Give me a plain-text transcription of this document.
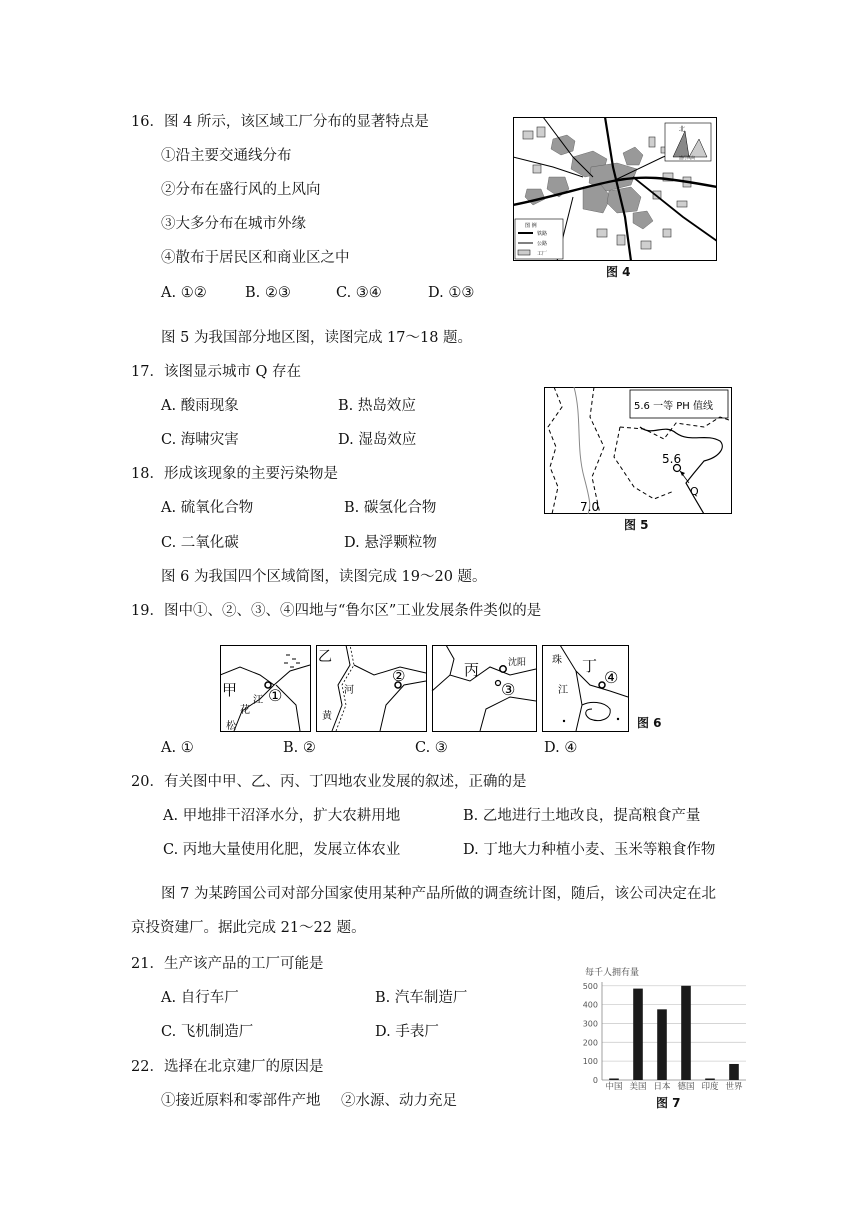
16．图 4 所示，该区域工厂分布的显著特点是
①沿主要交通线分布
②分布在盛行风的上风向
③大多分布在城市外缘
④散布于居民区和商业区之中
A. ①②	B. ②③	C. ③④	D. ①③
北
盛行风向
图 例
铁路
公路
工厂
图 4
图 5 为我国部分地区图，读图完成 17～18 题。
17．该图显示城市 Q 存在
A. 酸雨现象	B. 热岛效应
C. 海啸灾害	D. 湿岛效应
5.6 一等 PH 值线
5.6
Q
7.0
图 5
18．形成该现象的主要污染物是
A. 硫氧化合物	B. 碳氢化合物
C. 二氧化碳	D. 悬浮颗粒物
图 6 为我国四个区域简图，读图完成 19～20 题。
19．图中①、②、③、④四地与“鲁尔区”工业发展条件类似的是
甲 ①
江
花
松
乙
②
河
黄
丙	沈阳
③
珠
江
丁
④
图 6
A. ①	B. ②	C. ③	D. ④
20．有关图中甲、乙、丙、丁四地农业发展的叙述，正确的是
A. 甲地排干沼泽水分，扩大农耕用地	B. 乙地进行土地改良，提高粮食产量
C. 丙地大量使用化肥，发展立体农业	D. 丁地大力种植小麦、玉米等粮食作物
图 7 为某跨国公司对部分国家使用某种产品所做的调查统计图，随后，该公司决定在北
京投资建厂。据此完成 21～22 题。
21．生产该产品的工厂可能是
A. 自行车厂	B. 汽车制造厂
C. 飞机制造厂	D. 手表厂
22．选择在北京建厂的原因是
①接近原料和零部件产地 ②水源、动力充足
每千人拥有量
0
100
200
300
400
500
中国 美国 日本 德国 印度 世界
图 7
